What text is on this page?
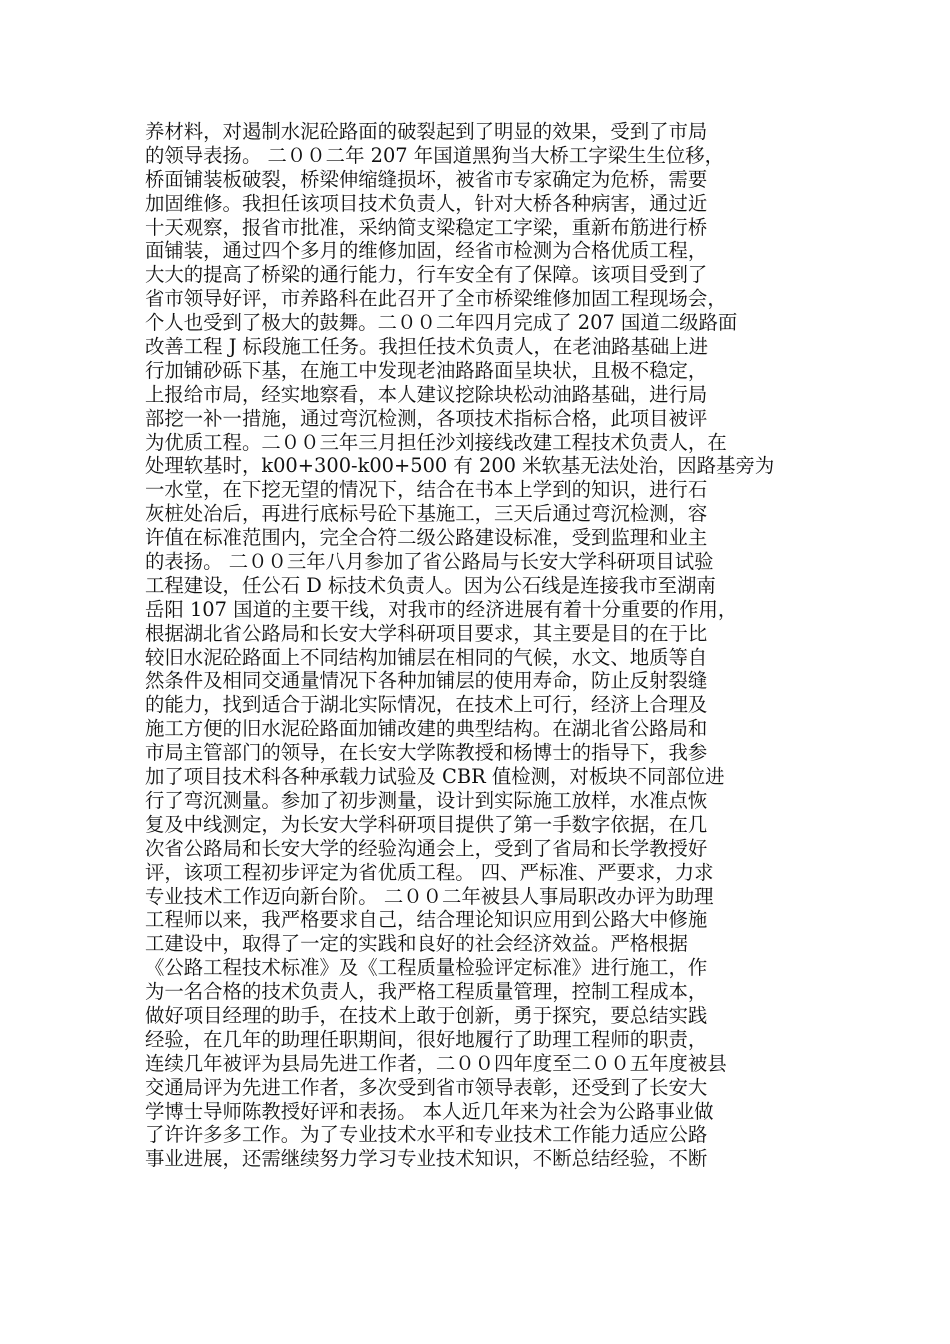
养材料，对遏制水泥砼路面的破裂起到了明显的效果，受到了市局
的领导表扬。 二００二年 207 年国道黑狗当大桥工字梁生生位移，
桥面铺装板破裂，桥梁伸缩缝损坏，被省市专家确定为危桥，需要
加固维修。我担任该项目技术负责人，针对大桥各种病害，通过近
十天观察，报省市批准，采纳简支梁稳定工字梁，重新布筋进行桥
面铺装，通过四个多月的维修加固，经省市检测为合格优质工程，
大大的提高了桥梁的通行能力，行车安全有了保障。该项目受到了
省市领导好评，市养路科在此召开了全市桥梁维修加固工程现场会，
个人也受到了极大的鼓舞。二００二年四月完成了 207 国道二级路面
改善工程 J 标段施工任务。我担任技术负责人，在老油路基础上进
行加铺砂砾下基，在施工中发现老油路路面呈块状，且极不稳定，
上报给市局，经实地察看，本人建议挖除块松动油路基础，进行局
部挖一补一措施，通过弯沉检测，各项技术指标合格，此项目被评
为优质工程。二００三年三月担任沙刘接线改建工程技术负责人，在
处理软基时，k00+300-k00+500 有 200 米软基无法处治，因路基旁为
一水堂，在下挖无望的情况下，结合在书本上学到的知识，进行石
灰桩处冶后，再进行底标号砼下基施工，三天后通过弯沉检测，容
许值在标准范围内，完全合符二级公路建设标准，受到监理和业主
的表扬。 二００三年八月参加了省公路局与长安大学科研项目试验
工程建设，任公石 D 标技术负责人。因为公石线是连接我市至湖南
岳阳 107 国道的主要干线，对我市的经济进展有着十分重要的作用，
根据湖北省公路局和长安大学科研项目要求，其主要是目的在于比
较旧水泥砼路面上不同结构加铺层在相同的气候，水文、地质等自
然条件及相同交通量情况下各种加铺层的使用寿命，防止反射裂缝
的能力，找到适合于湖北实际情况，在技术上可行，经济上合理及
施工方便的旧水泥砼路面加铺改建的典型结构。在湖北省公路局和
市局主管部门的领导，在长安大学陈教授和杨博士的指导下，我参
加了项目技术科各种承载力试验及 CBR 值检测，对板块不同部位进
行了弯沉测量。参加了初步测量，设计到实际施工放样，水准点恢
复及中线测定，为长安大学科研项目提供了第一手数字依据，在几
次省公路局和长安大学的经验沟通会上，受到了省局和长学教授好
评，该项工程初步评定为省优质工程。 四、严标准、严要求，力求
专业技术工作迈向新台阶。 二００二年被县人事局职改办评为助理
工程师以来，我严格要求自己，结合理论知识应用到公路大中修施
工建设中，取得了一定的实践和良好的社会经济效益。严格根据
《公路工程技术标准》及《工程质量检验评定标准》进行施工，作
为一名合格的技术负责人，我严格工程质量管理，控制工程成本，
做好项目经理的助手，在技术上敢于创新，勇于探究，要总结实践
经验，在几年的助理任职期间，很好地履行了助理工程师的职责，
连续几年被评为县局先进工作者，二００四年度至二００五年度被县
交通局评为先进工作者，多次受到省市领导表彰，还受到了长安大
学博士导师陈教授好评和表扬。 本人近几年来为社会为公路事业做
了许许多多工作。为了专业技术水平和专业技术工作能力适应公路
事业进展，还需继续努力学习专业技术知识，不断总结经验，不断
